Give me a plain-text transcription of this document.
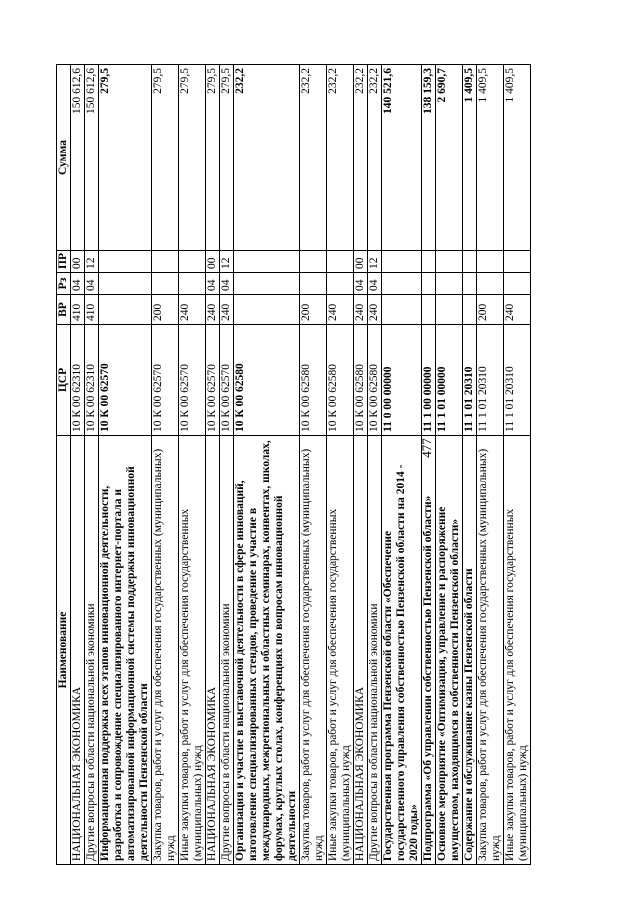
477
Наименование	ЦСР	ВР	Рз	ПР	Сумма
НАЦИОНАЛЬНАЯ ЭКОНОМИКА	10 К 00 62310	410	04	00	150 612,6
Другие вопросы в области национальной экономики	10 К 00 62310	410	04	12	150 612,6
Информационная поддержка всех этапов инновационной деятельности, разработка и сопровождение специализированного интернет-портала и автоматизированной информационной системы поддержки инновационной деятельности Пензенской области	10 К 00 62570				279,5
Закупка товаров, работ и услуг для обеспечения государственных (муниципальных) нужд	10 К 00 62570	200			279,5
Иные закупки товаров, работ и услуг для обеспечения государственных (муниципальных) нужд	10 К 00 62570	240			279,5
НАЦИОНАЛЬНАЯ ЭКОНОМИКА	10 К 00 62570	240	04	00	279,5
Другие вопросы в области национальной экономики	10 К 00 62570	240	04	12	279,5
Организация и участие в выставочной деятельности в сфере инноваций, изготовление специализированных стендов, проведение и участие в международных, межрегиональных и областных семинарах, конвентах, школах, форумах, круглых столах, конференциях по вопросам инновационной деятельности	10 К 00 62580				232,2
Закупка товаров, работ и услуг для обеспечения государственных (муниципальных) нужд	10 К 00 62580	200			232,2
Иные закупки товаров, работ и услуг для обеспечения государственных (муниципальных) нужд	10 К 00 62580	240			232,2
НАЦИОНАЛЬНАЯ ЭКОНОМИКА	10 К 00 62580	240	04	00	232,2
Другие вопросы в области национальной экономики	10 К 00 62580	240	04	12	232,2
Государственная программа Пензенской области «Обеспечение государственного управления собственностью Пензенской области на 2014 - 2020 годы»	11 0 00 00000				140 521,6
Подпрограмма «Об управлении собственностью Пензенской области»	11 1 00 00000				138 159,3
Основное мероприятие «Оптимизация, управление и распоряжение имуществом, находящимся в собственности Пензенской области»	11 1 01 00000				2 690,7
Содержание и обслуживание казны Пензенской области	11 1 01 20310				1 409,5
Закупка товаров, работ и услуг для обеспечения государственных (муниципальных) нужд	11 1 01 20310	200			1 409,5
Иные закупки товаров, работ и услуг для обеспечения государственных (муниципальных) нужд	11 1 01 20310	240			1 409,5
